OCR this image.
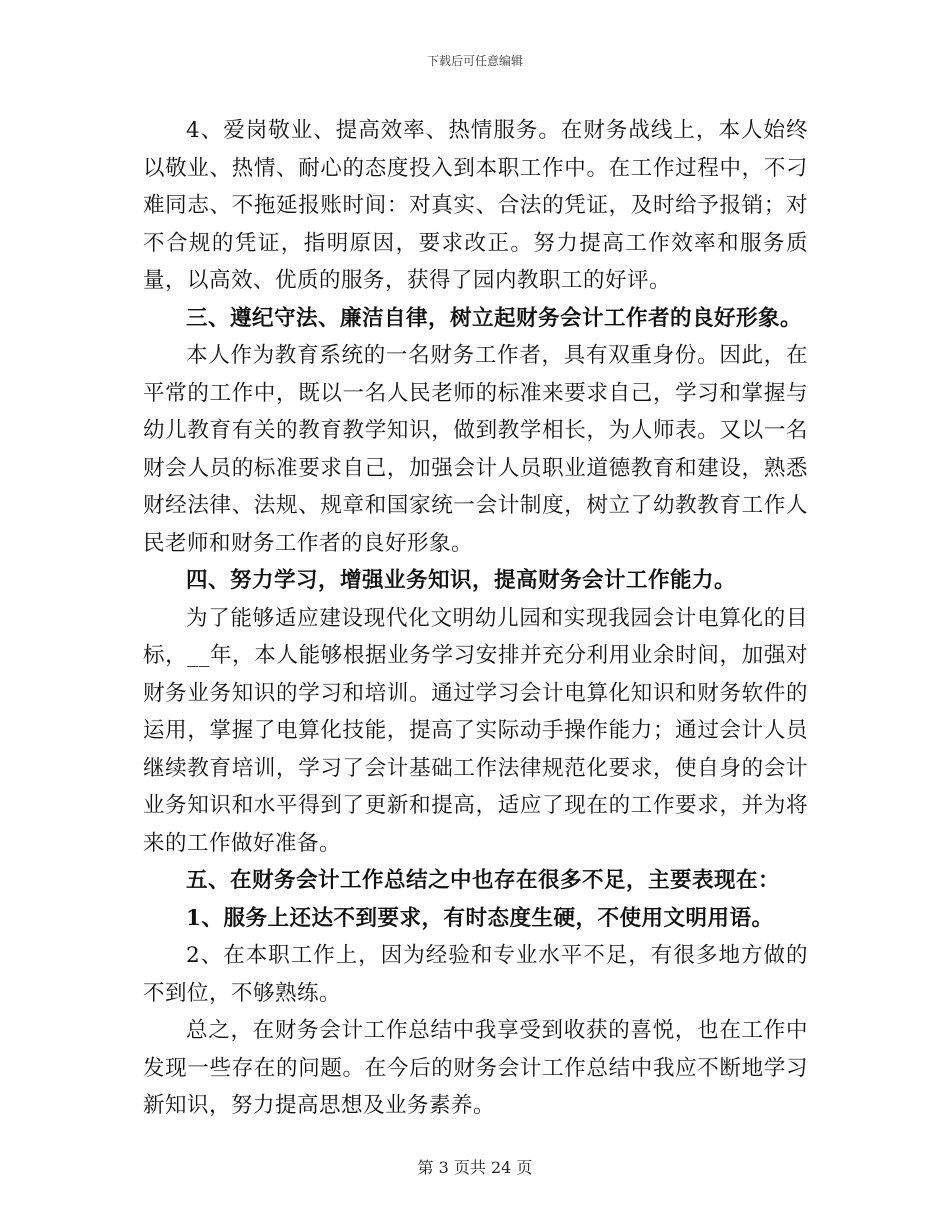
下载后可任意编辑

4、爱岗敬业、提高效率、热情服务。在财务战线上，本人始终以敬业、热情、耐心的态度投入到本职工作中。在工作过程中，不刁难同志、不拖延报账时间：对真实、合法的凭证，及时给予报销；对不合规的凭证，指明原因，要求改正。努力提高工作效率和服务质量，以高效、优质的服务，获得了园内教职工的好评。

三、遵纪守法、廉洁自律，树立起财务会计工作者的良好形象。

本人作为教育系统的一名财务工作者，具有双重身份。因此，在平常的工作中，既以一名人民老师的标准来要求自己，学习和掌握与幼儿教育有关的教育教学知识，做到教学相长，为人师表。又以一名财会人员的标准要求自己，加强会计人员职业道德教育和建设，熟悉财经法律、法规、规章和国家统一会计制度，树立了幼教教育工作人民老师和财务工作者的良好形象。

四、努力学习，增强业务知识，提高财务会计工作能力。

为了能够适应建设现代化文明幼儿园和实现我园会计电算化的目标，__年，本人能够根据业务学习安排并充分利用业余时间，加强对财务业务知识的学习和培训。通过学习会计电算化知识和财务软件的运用，掌握了电算化技能，提高了实际动手操作能力；通过会计人员继续教育培训，学习了会计基础工作法律规范化要求，使自身的会计业务知识和水平得到了更新和提高，适应了现在的工作要求，并为将来的工作做好准备。

五、在财务会计工作总结之中也存在很多不足，主要表现在：

1、服务上还达不到要求，有时态度生硬，不使用文明用语。

2、在本职工作上，因为经验和专业水平不足，有很多地方做的不到位，不够熟练。

总之，在财务会计工作总结中我享受到收获的喜悦，也在工作中发现一些存在的问题。在今后的财务会计工作总结中我应不断地学习新知识，努力提高思想及业务素养。

第 3 页共 24 页
